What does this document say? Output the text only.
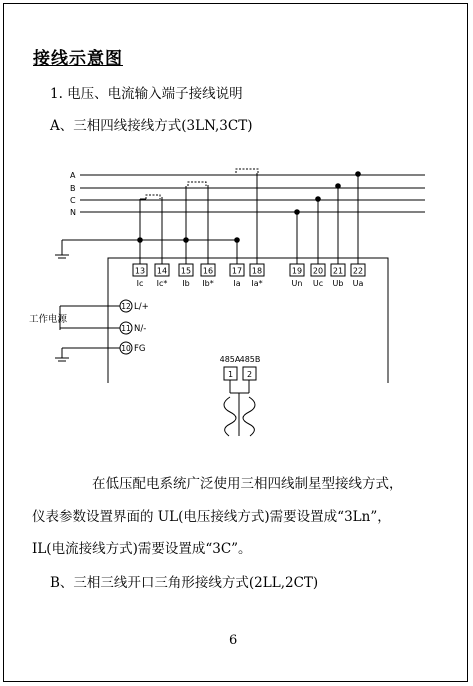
接线示意图
1. 电压、电流输入端子接线说明
A、三相四线接线方式(3LN,3CT)
A
B
C
N
13 14 15 16 17 18	19 20 21 22
Ic Ic* Ib Ib* Ia Ia*	Un Uc Ub Ua
12
11
10
L/+
N/-
FG
工作电源
485A 485B
1 2
在低压配电系统广泛使用三相四线制星型接线方式，
仪表参数设置界面的 UL(电压接线方式)需要设置成“3Ln”，
IL(电流接线方式)需要设置成“3C”。
B、三相三线开口三角形接线方式(2LL,2CT)
6
